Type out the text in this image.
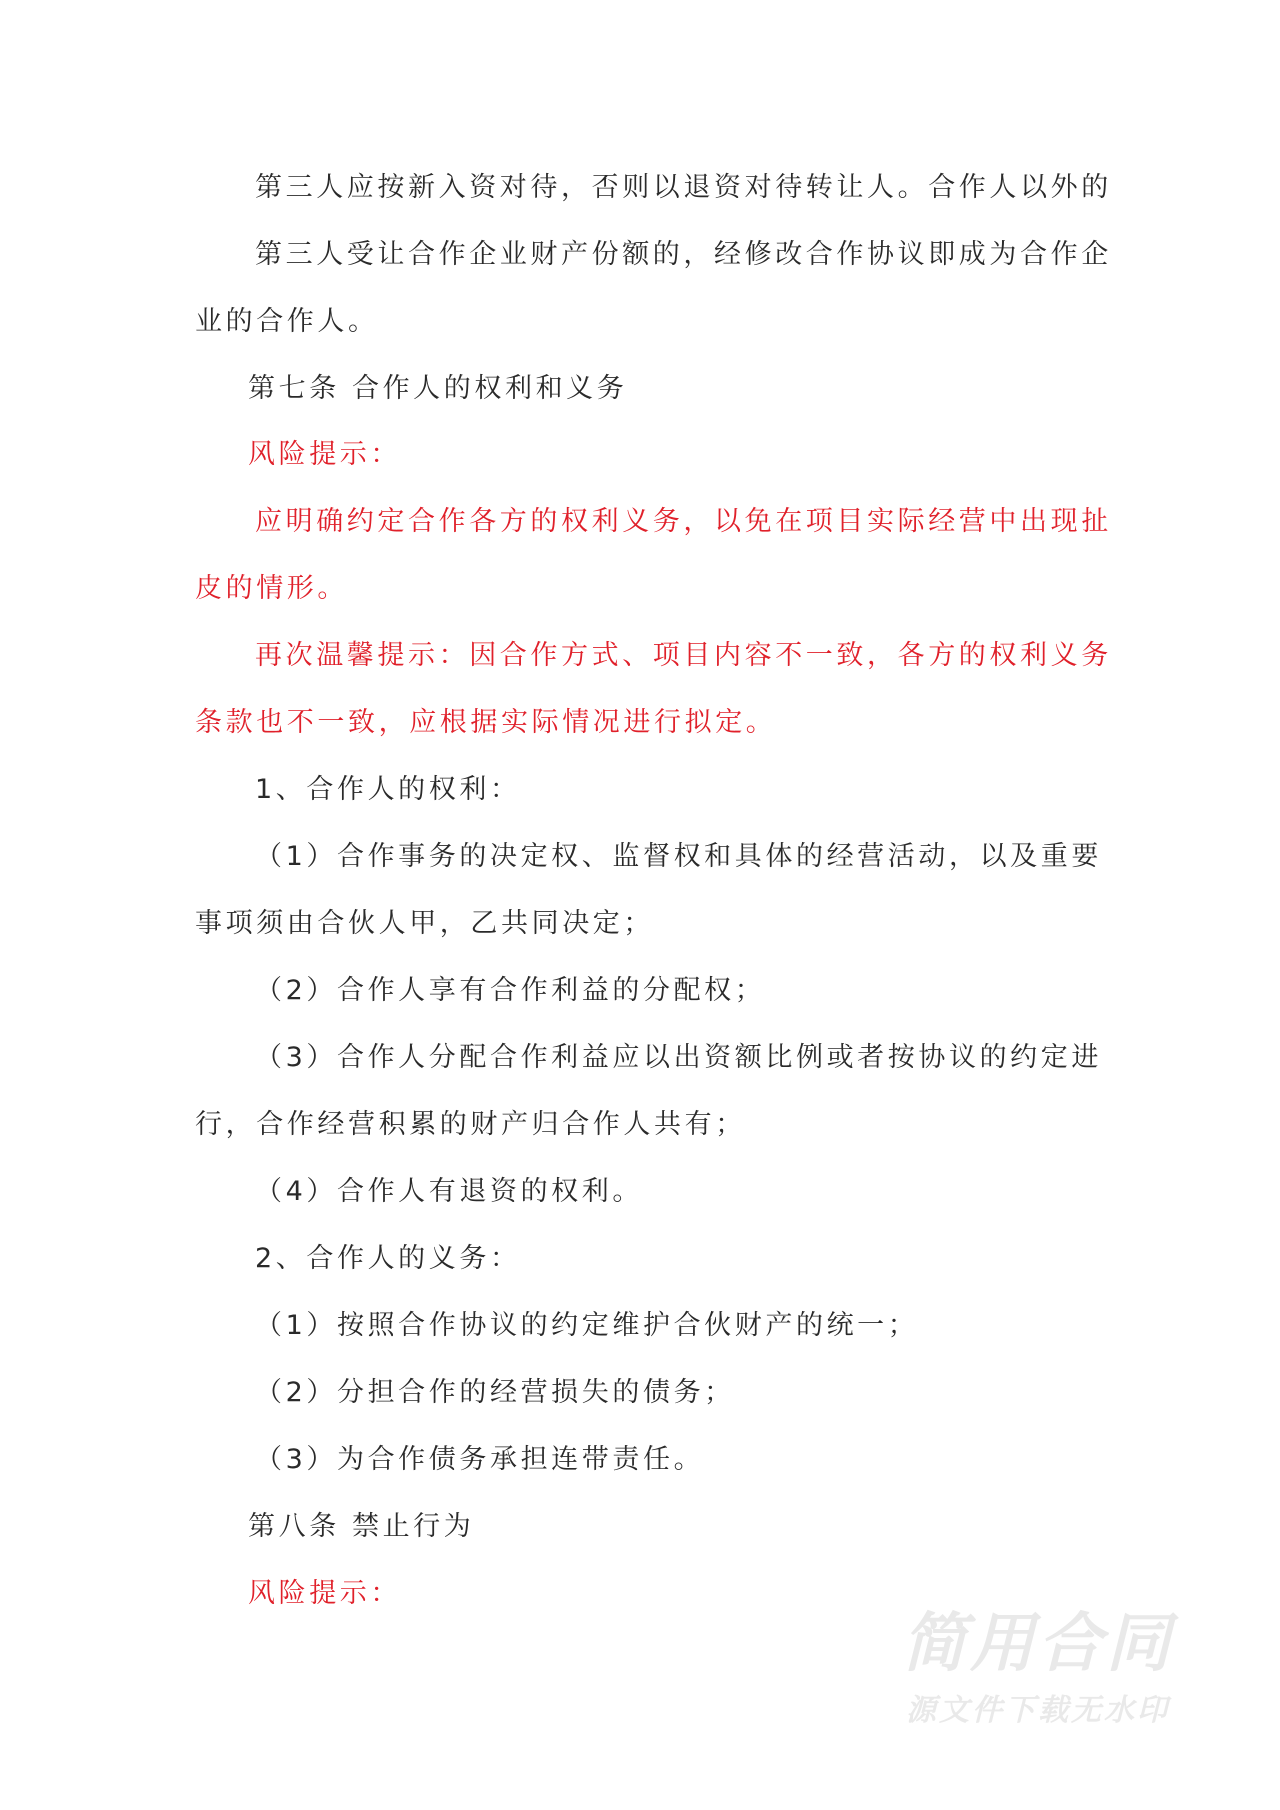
第三人应按新入资对待，否则以退资对待转让人。合作人以外的
第三人受让合作企业财产份额的，经修改合作协议即成为合作企
业的合作人。
第七条 合作人的权利和义务
风险提示：
应明确约定合作各方的权利义务，以免在项目实际经营中出现扯
皮的情形。
再次温馨提示：因合作方式、项目内容不一致，各方的权利义务
条款也不一致，应根据实际情况进行拟定。
1、合作人的权利：
（1）合作事务的决定权、监督权和具体的经营活动，以及重要
事项须由合伙人甲，乙共同决定；
（2）合作人享有合作利益的分配权；
（3）合作人分配合作利益应以出资额比例或者按协议的约定进
行，合作经营积累的财产归合作人共有；
（4）合作人有退资的权利。
2、合作人的义务：
（1）按照合作协议的约定维护合伙财产的统一；
（2）分担合作的经营损失的债务；
（3）为合作债务承担连带责任。
第八条 禁止行为
风险提示：
简用合同
源文件下载无水印
